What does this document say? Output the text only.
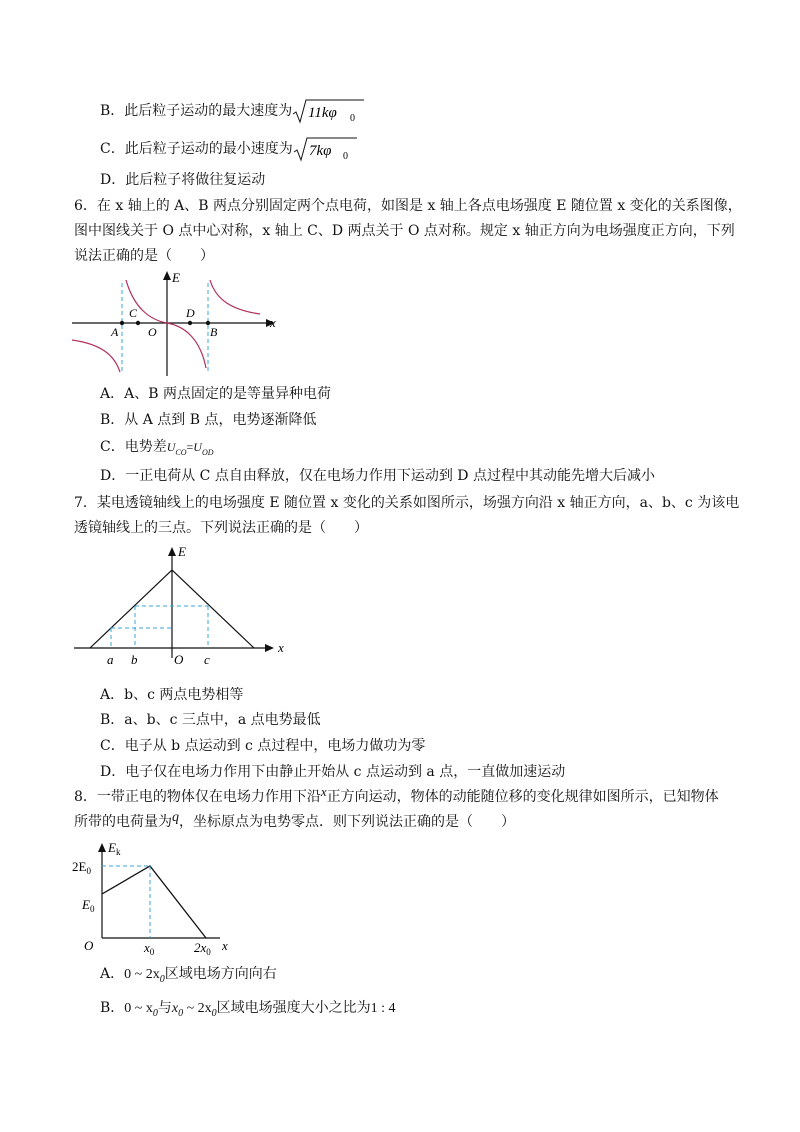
B．此后粒子运动的最大速度为 11kφ 0
C．此后粒子运动的最小速度为 7kφ 0
D．此后粒子将做往复运动
6．在 x 轴上的 A、B 两点分别固定两个点电荷，如图是 x 轴上各点电场强度 E 随位置 x 变化的关系图像，
图中图线关于 O 点中心对称，x 轴上 C、D 两点关于 O 点对称。规定 x 轴正方向为电场强度正方向，下列
说法正确的是（　　）
E
x
A
C
O
D
B
A．A、B 两点固定的是等量异种电荷
B．从 A 点到 B 点，电势逐渐降低
C．电势差$U_{CO}=U_{OD}$
D．一正电荷从 C 点自由释放，仅在电场力作用下运动到 D 点过程中其动能先增大后减小
7．某电透镜轴线上的电场强度 E 随位置 x 变化的关系如图所示，场强方向沿 x 轴正方向，a、b、c 为该电
透镜轴线上的三点。下列说法正确的是（　　）
E
x
a b	O c
A．b、c 两点电势相等
B．a、b、c 三点中，a 点电势最低
C．电子从 b 点运动到 c 点过程中，电场力做功为零
D．电子仅在电场力作用下由静止开始从 c 点运动到 a 点，一直做加速运动
8．一带正电的物体仅在电场力作用下沿x正方向运动，物体的动能随位移的变化规律如图所示，已知物体
所带的电荷量为q，坐标原点为电势零点．则下列说法正确的是（　　）
$E_k$
$2E_0$
$E_0$
O	$x_0$	$2x_0$ x
A．0 ~ $2x_0$区域电场方向向右
B．0 ~ $x_0$与$x_0$ ~ $2x_0$区域电场强度大小之比为1 : 4
